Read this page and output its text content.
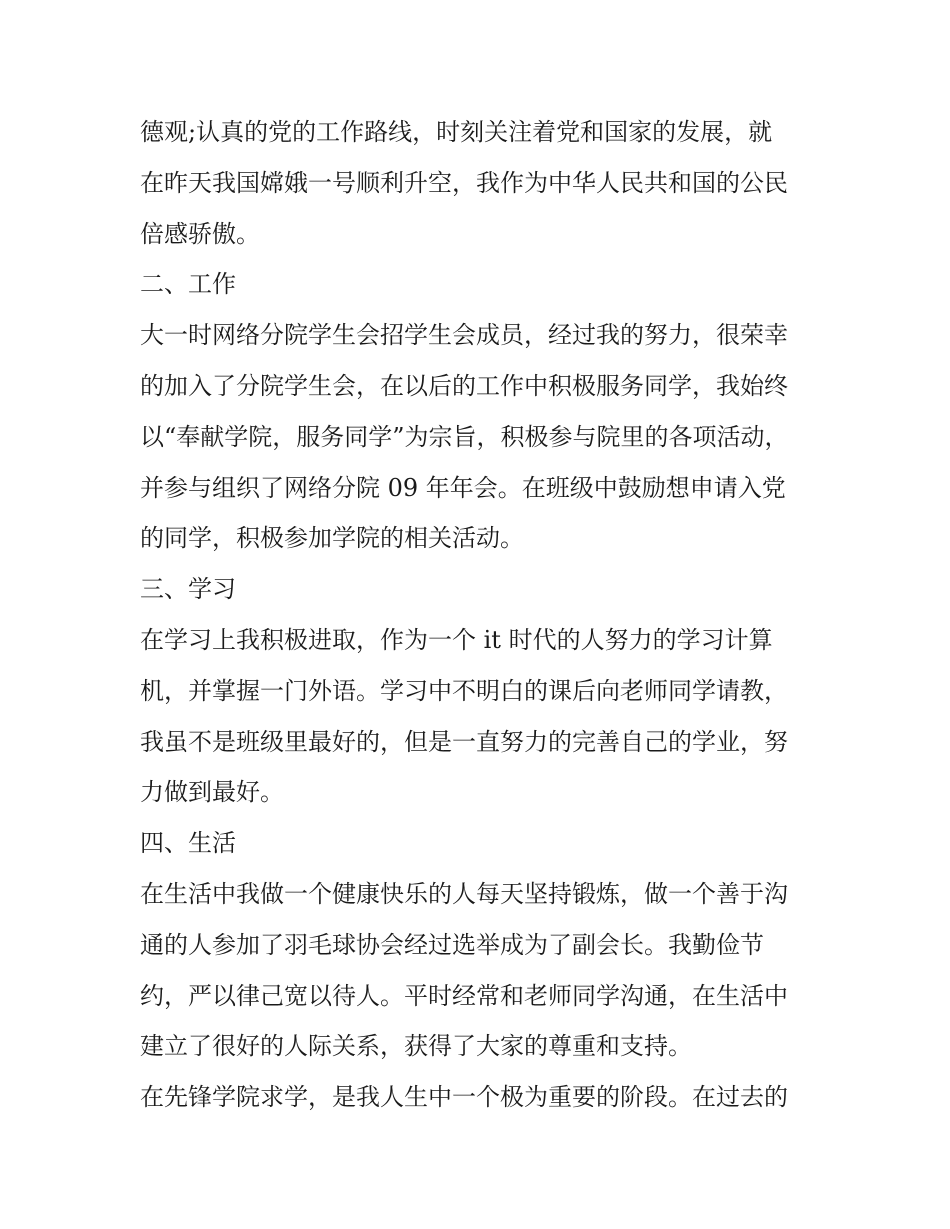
德观;认真的党的工作路线，时刻关注着党和国家的发展，就
在昨天我国嫦娥一号顺利升空，我作为中华人民共和国的公民
倍感骄傲。
二、工作
大一时网络分院学生会招学生会成员，经过我的努力，很荣幸
的加入了分院学生会，在以后的工作中积极服务同学，我始终
以“奉献学院，服务同学”为宗旨，积极参与院里的各项活动，
并参与组织了网络分院 09 年年会。在班级中鼓励想申请入党
的同学，积极参加学院的相关活动。
三、学习
在学习上我积极进取，作为一个 it 时代的人努力的学习计算
机，并掌握一门外语。学习中不明白的课后向老师同学请教，
我虽不是班级里最好的，但是一直努力的完善自己的学业，努
力做到最好。
四、生活
在生活中我做一个健康快乐的人每天坚持锻炼，做一个善于沟
通的人参加了羽毛球协会经过选举成为了副会长。我勤俭节
约，严以律己宽以待人。平时经常和老师同学沟通，在生活中
建立了很好的人际关系，获得了大家的尊重和支持。
在先锋学院求学，是我人生中一个极为重要的阶段。在过去的
